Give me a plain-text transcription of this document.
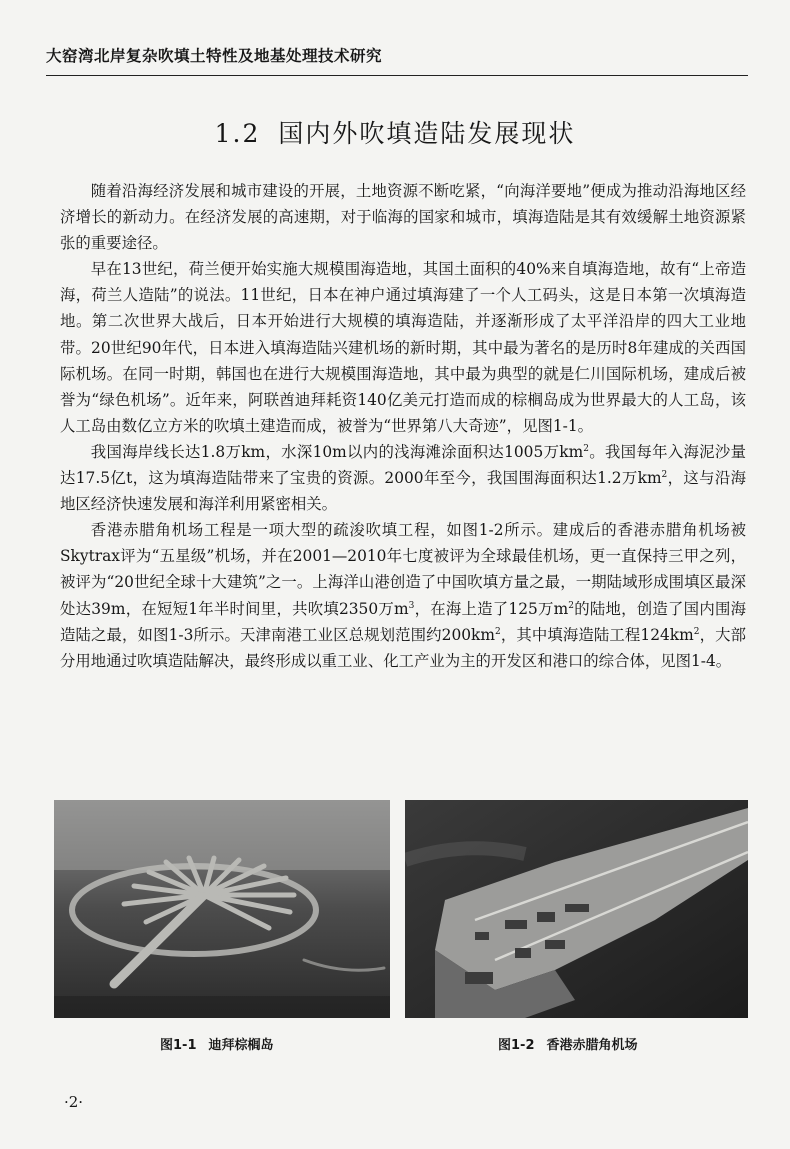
大窑湾北岸复杂吹填土特性及地基处理技术研究
1.2 国内外吹填造陆发展现状

随着沿海经济发展和城市建设的开展，土地资源不断吃紧，“向海洋要地”便成为推动沿海地区经济增长的新动力。在经济发展的高速期，对于临海的国家和城市，填海造陆是其有效缓解土地资源紧张的重要途径。

早在13世纪，荷兰便开始实施大规模围海造地，其国土面积的40%来自填海造地，故有“上帝造海，荷兰人造陆”的说法。11世纪，日本在神户通过填海建了一个人工码头，这是日本第一次填海造地。第二次世界大战后，日本开始进行大规模的填海造陆，并逐渐形成了太平洋沿岸的四大工业地带。20世纪90年代，日本进入填海造陆兴建机场的新时期，其中最为著名的是历时8年建成的关西国际机场。在同一时期，韩国也在进行大规模围海造地，其中最为典型的就是仁川国际机场，建成后被誉为“绿色机场”。近年来，阿联酋迪拜耗资140亿美元打造而成的棕榈岛成为世界最大的人工岛，该人工岛由数亿立方米的吹填土建造而成，被誉为“世界第八大奇迹”，见图1-1。

我国海岸线长达1.8万km，水深10m以内的浅海滩涂面积达1005万$km^2$。我国每年入海泥沙量达17.5亿t，这为填海造陆带来了宝贵的资源。2000年至今，我国围海面积达1.2万$km^2$，这与沿海地区经济快速发展和海洋利用紧密相关。

香港赤腊角机场工程是一项大型的疏浚吹填工程，如图1-2所示。建成后的香港赤腊角机场被Skytrax评为“五星级”机场，并在2001—2010年七度被评为全球最佳机场，更一直保持三甲之列，被评为“20世纪全球十大建筑”之一。上海洋山港创造了中国吹填方量之最，一期陆域形成围填区最深处达39m，在短短1年半时间里，共吹填2350万$m^3$，在海上造了125万$m^2$的陆地，创造了国内围海造陆之最，如图1-3所示。天津南港工业区总规划范围约$200km^2$，其中填海造陆工程$124km^2$，大部分用地通过吹填造陆解决，最终形成以重工业、化工产业为主的开发区和港口的综合体，见图1-4。

图1-1 迪拜棕榈岛	图1-2 香港赤腊角机场
·2·
